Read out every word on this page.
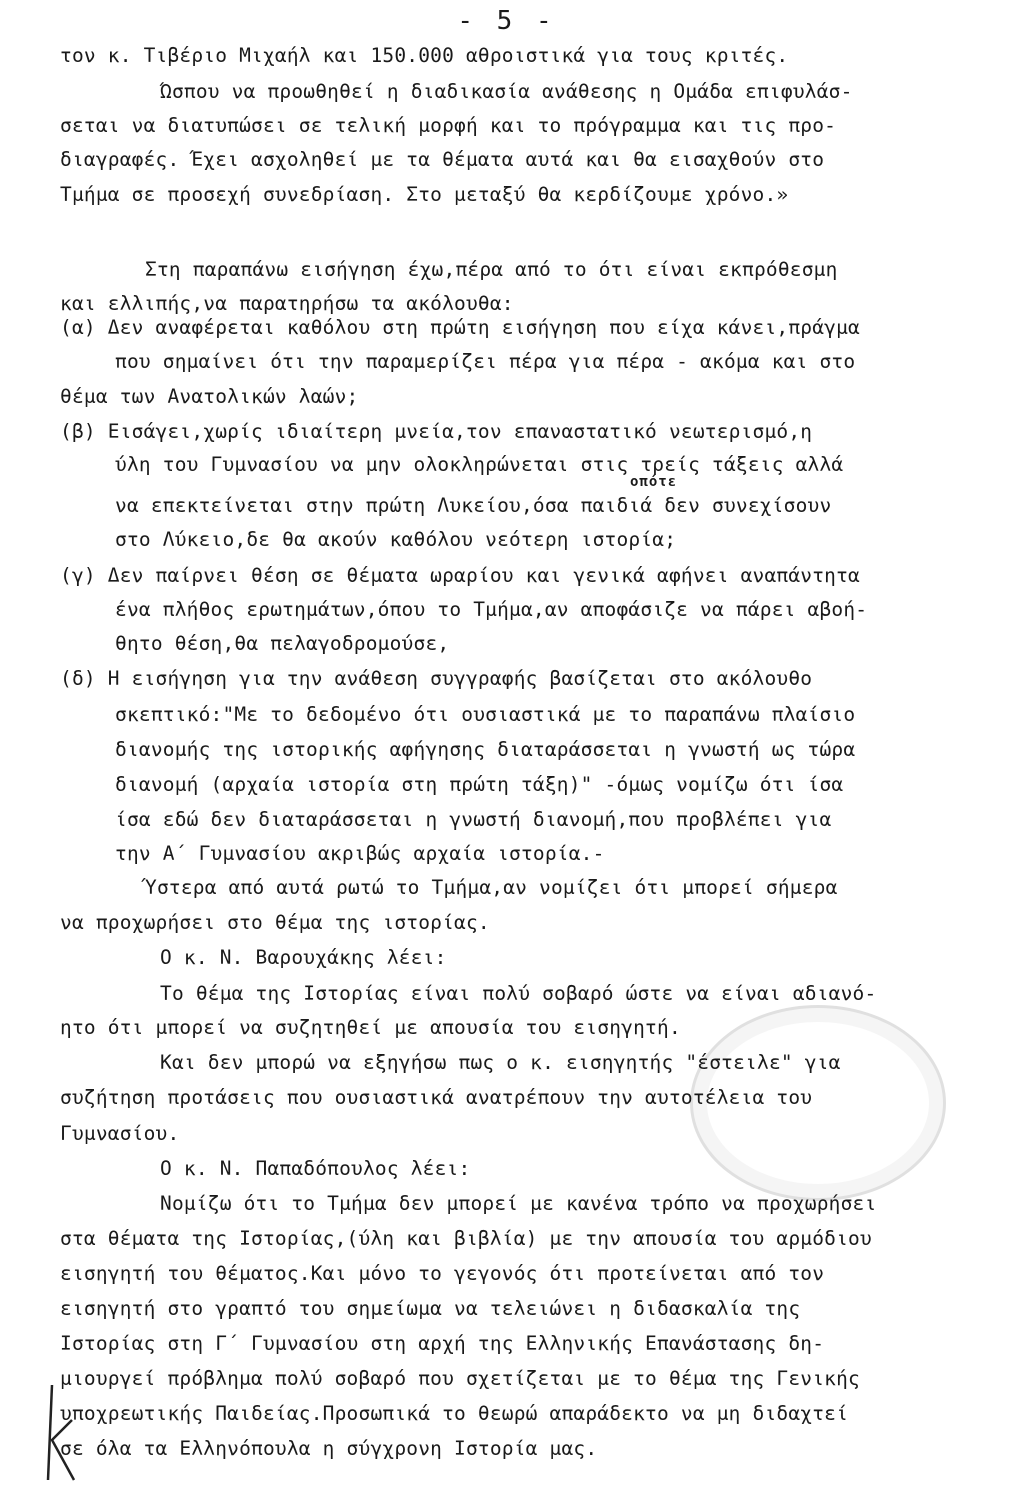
- 5 -
τον κ. Τιβέριο Μιχαήλ και 150.000 αθροιστικά για τους κριτές.
Ώσπου να προωθηθεί η διαδικασία ανάθεσης η Ομάδα επιφυλάσ-
σεται να διατυπώσει σε τελική μορφή και το πρόγραμμα και τις προ-
διαγραφές. Έχει ασχοληθεί με τα θέματα αυτά και θα εισαχθούν στο
Τμήμα σε προσεχή συνεδρίαση. Στο μεταξύ θα κερδίζουμε χρόνο.»
Στη παραπάνω εισήγηση έχω,πέρα από το ότι είναι εκπρόθεσμη
και ελλιπής,να παρατηρήσω τα ακόλουθα:
(α) Δεν αναφέρεται καθόλου στη πρώτη εισήγηση που είχα κάνει,πράγμα
που σημαίνει ότι την παραμερίζει πέρα για πέρα - ακόμα και στο
θέμα των Ανατολικών λαών;
(β) Εισάγει,χωρίς ιδιαίτερη μνεία,τον επαναστατικό νεωτερισμό,η
ύλη του Γυμνασίου να μην ολοκληρώνεται στις τρείς τάξεις αλλά
να επεκτείνεται στην πρώτη Λυκείου,όσα παιδιά δεν συνεχίσουν
στο Λύκειο,δε θα ακούν καθόλου νεότερη ιστορία;
(γ) Δεν παίρνει θέση σε θέματα ωραρίου και γενικά αφήνει αναπάντητα
ένα πλήθος ερωτημάτων,όπου το Τμήμα,αν αποφάσιζε να πάρει αβοή-
θητο θέση,θα πελαγοδρομούσε,
(δ) Η εισήγηση για την ανάθεση συγγραφής βασίζεται στο ακόλουθο
σκεπτικό:"Με το δεδομένο ότι ουσιαστικά με το παραπάνω πλαίσιο
διανομής της ιστορικής αφήγησης διαταράσσεται η γνωστή ως τώρα
διανομή (αρχαία ιστορία στη πρώτη τάξη)" -όμως νομίζω ότι ίσα
ίσα εδώ δεν διαταράσσεται η γνωστή διανομή,που προβλέπει για
την Α΄ Γυμνασίου ακριβώς αρχαία ιστορία.-
Ύστερα από αυτά ρωτώ το Τμήμα,αν νομίζει ότι μπορεί σήμερα
να προχωρήσει στο θέμα της ιστορίας.
Ο κ. Ν. Βαρουχάκης λέει:
Το θέμα της Ιστορίας είναι πολύ σοβαρό ώστε να είναι αδιανό-
ητο ότι μπορεί να συζητηθεί με απουσία του εισηγητή.
Και δεν μπορώ να εξηγήσω πως ο κ. εισηγητής "έστειλε" για
συζήτηση προτάσεις που ουσιαστικά ανατρέπουν την αυτοτέλεια του
Γυμνασίου.
Ο κ. Ν. Παπαδόπουλος λέει:
Νομίζω ότι το Τμήμα δεν μπορεί με κανένα τρόπο να προχωρήσει
στα θέματα της Ιστορίας,(ύλη και βιβλία) με την απουσία του αρμόδιου
εισηγητή του θέματος.Και μόνο το γεγονός ότι προτείνεται από τον
εισηγητή στο γραπτό του σημείωμα να τελειώνει η διδασκαλία της
Ιστορίας στη Γ΄ Γυμνασίου στη αρχή της Ελληνικής Επανάστασης δη-
μιουργεί πρόβλημα πολύ σοβαρό που σχετίζεται με το θέμα της Γενικής
υποχρεωτικής Παιδείας.Προσωπικά το θεωρώ απαράδεκτο να μη διδαχτεί
σε όλα τα Ελληνόπουλα η σύγχρονη Ιστορία μας.
οπότε
